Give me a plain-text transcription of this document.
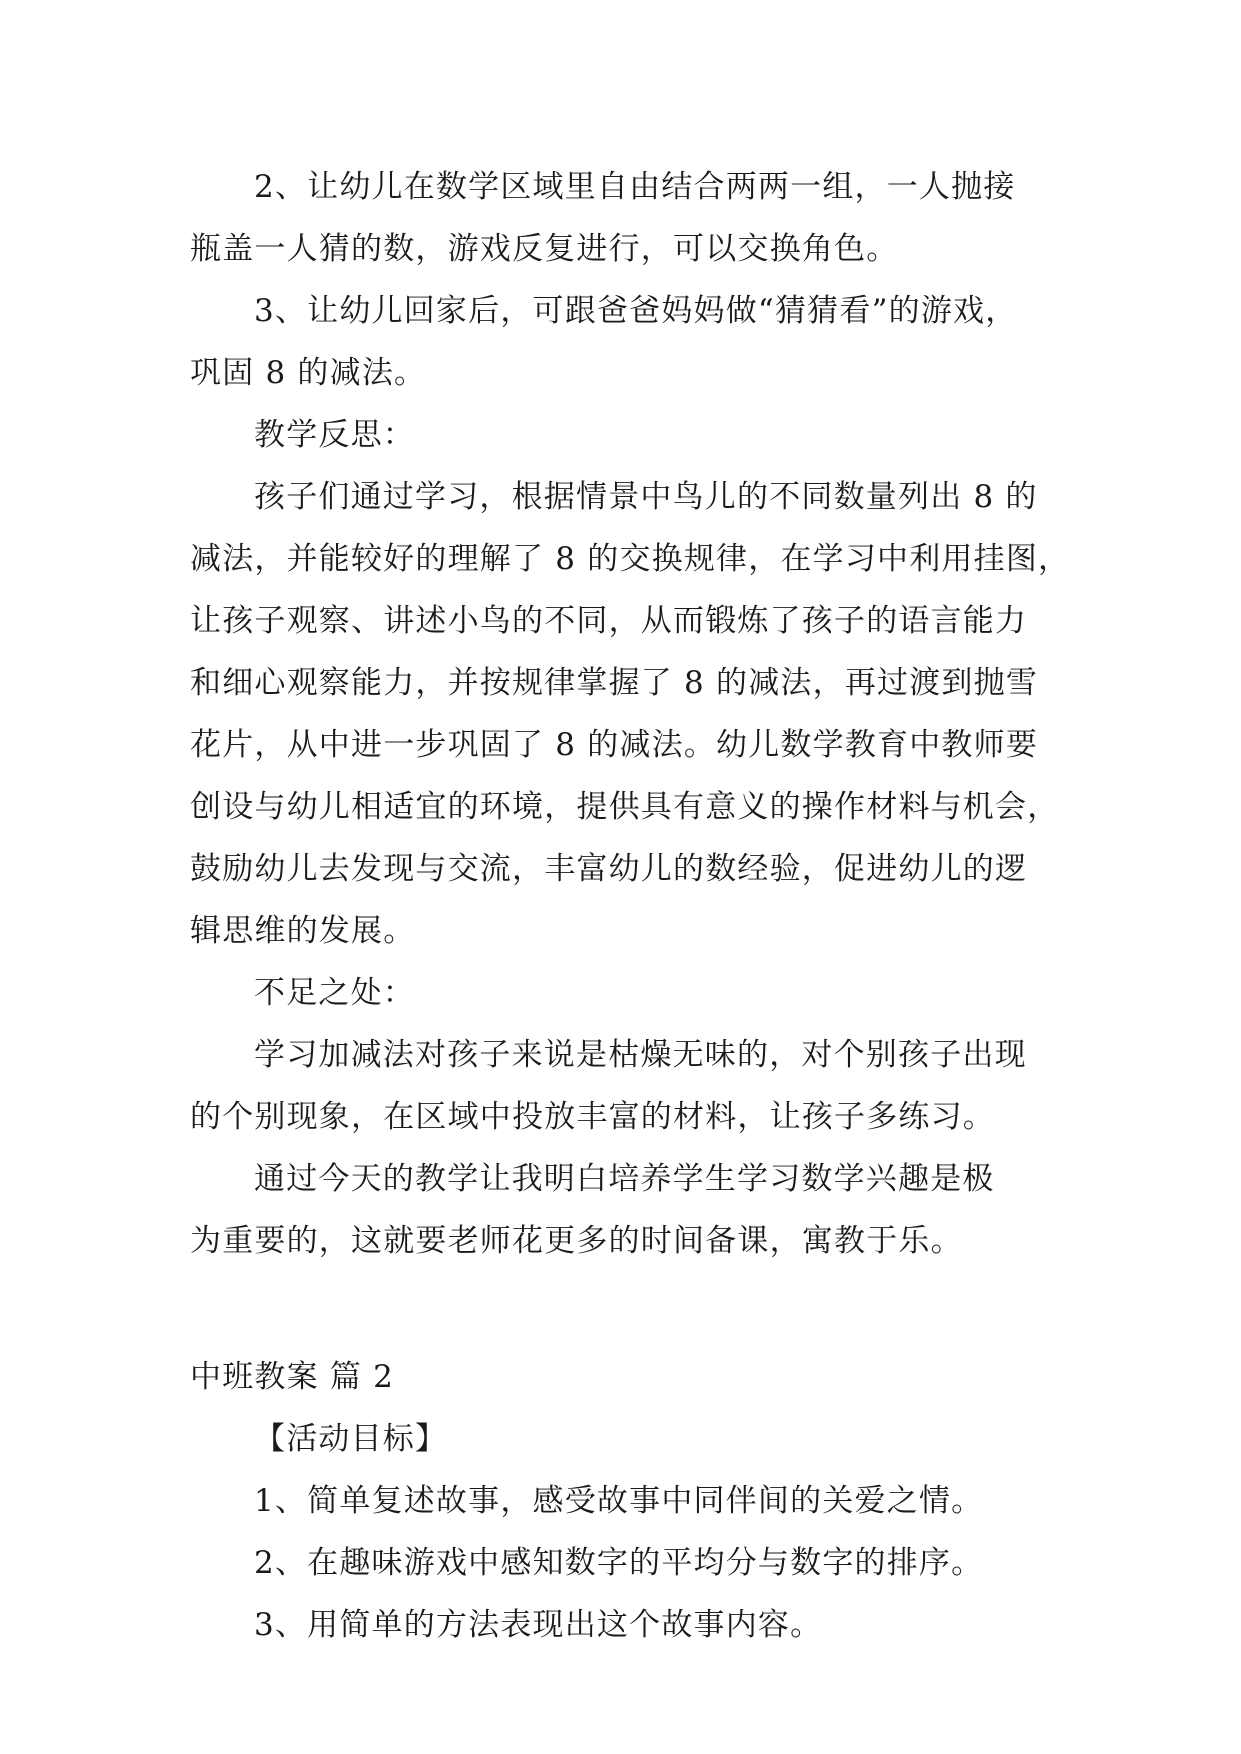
2、让幼儿在数学区域里自由结合两两一组，一人抛接
瓶盖一人猜的数，游戏反复进行，可以交换角色。
3、让幼儿回家后，可跟爸爸妈妈做“猜猜看”的游戏，
巩固 8 的减法。
教学反思：
孩子们通过学习，根据情景中鸟儿的不同数量列出 8 的
减法，并能较好的理解了 8 的交换规律，在学习中利用挂图，
让孩子观察、讲述小鸟的不同，从而锻炼了孩子的语言能力
和细心观察能力，并按规律掌握了 8 的减法，再过渡到抛雪
花片，从中进一步巩固了 8 的减法。幼儿数学教育中教师要
创设与幼儿相适宜的环境，提供具有意义的操作材料与机会，
鼓励幼儿去发现与交流，丰富幼儿的数经验，促进幼儿的逻
辑思维的发展。
不足之处：
学习加减法对孩子来说是枯燥无味的，对个别孩子出现
的个别现象，在区域中投放丰富的材料，让孩子多练习。
通过今天的教学让我明白培养学生学习数学兴趣是极
为重要的，这就要老师花更多的时间备课，寓教于乐。
中班教案 篇 2
【活动目标】
1、简单复述故事，感受故事中同伴间的关爱之情。
2、在趣味游戏中感知数字的平均分与数字的排序。
3、用简单的方法表现出这个故事内容。
